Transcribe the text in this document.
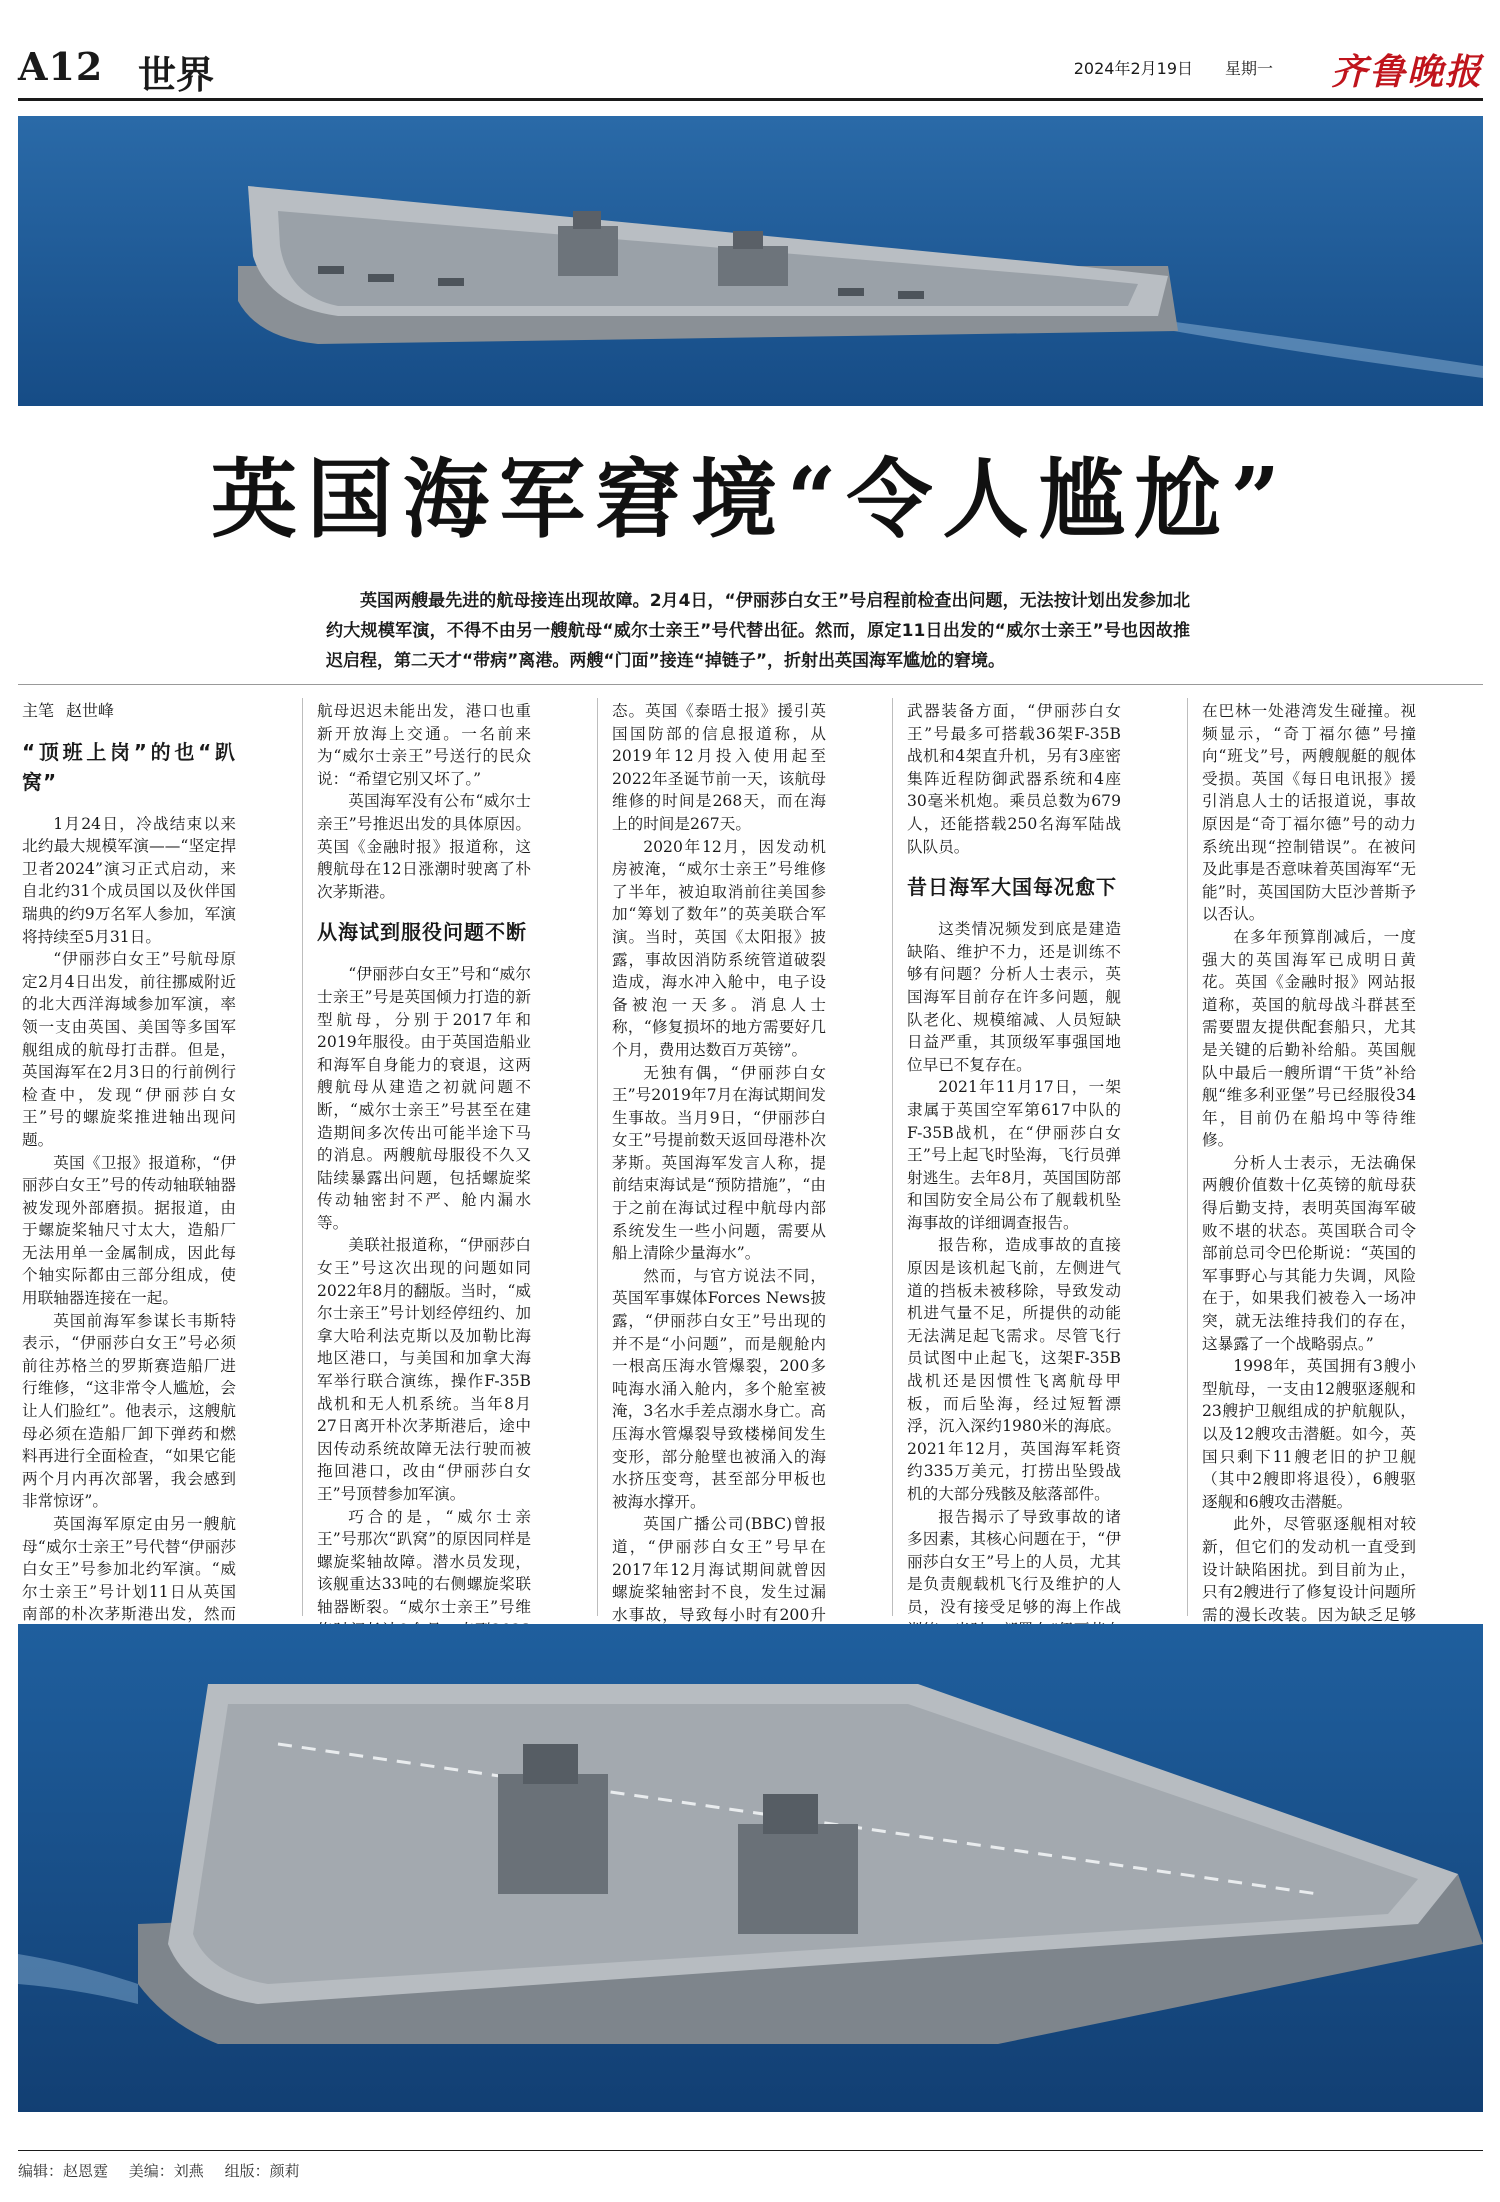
A12 世界	2024年2月19日 星期一 齐鲁晚报
英国海军窘境“令人尴尬”

英国两艘最先进的航母接连出现故障。2月4日，“伊丽莎白女王”号启程前检查出问题，无法按计划出发参加北约大规模军演，不得不由另一艘航母“威尔士亲王”号代替出征。然而，原定11日出发的“威尔士亲王”号也因故推迟启程，第二天才“带病”离港。两艘“门面”接连“掉链子”，折射出英国海军尴尬的窘境。

主笔 赵世峰
“顶班上岗”的也“趴窝”

1月24日，冷战结束以来北约最大规模军演——“坚定捍卫者2024”演习正式启动，来自北约31个成员国以及伙伴国瑞典的约9万名军人参加，军演将持续至5月31日。

“伊丽莎白女王”号航母原定2月4日出发，前往挪威附近的北大西洋海域参加军演，率领一支由英国、美国等多国军舰组成的航母打击群。但是，英国海军在2月3日的行前例行检查中，发现“伊丽莎白女王”号的螺旋桨推进轴出现问题。

英国《卫报》报道称，“伊丽莎白女王”号的传动轴联轴器被发现外部磨损。据报道，由于螺旋桨轴尺寸太大，造船厂无法用单一金属制成，因此每个轴实际都由三部分组成，使用联轴器连接在一起。

英国前海军参谋长韦斯特表示，“伊丽莎白女王”号必须前往苏格兰的罗斯赛造船厂进行维修，“这非常令人尴尬，会让人们脸红”。他表示，这艘航母必须在造船厂卸下弹药和燃料再进行全面检查，“如果它能两个月内再次部署，我会感到非常惊讶”。

英国海军原定由另一艘航母“威尔士亲王”号代替“伊丽莎白女王”号参加北约军演。“威尔士亲王”号计划11日从英国南部的朴次茅斯港出发，然而

航母迟迟未能出发，港口也重新开放海上交通。一名前来为“威尔士亲王”号送行的民众说：“希望它别又坏了。”

英国海军没有公布“威尔士亲王”号推迟出发的具体原因。英国《金融时报》报道称，这艘航母在12日涨潮时驶离了朴次茅斯港。

从海试到服役问题不断

“伊丽莎白女王”号和“威尔士亲王”号是英国倾力打造的新型航母，分别于2017年和2019年服役。由于英国造船业和海军自身能力的衰退，这两艘航母从建造之初就问题不断，“威尔士亲王”号甚至在建造期间多次传出可能半途下马的消息。两艘航母服役不久又陆续暴露出问题，包括螺旋桨传动轴密封不严、舱内漏水等。

美联社报道称，“伊丽莎白女王”号这次出现的问题如同2022年8月的翻版。当时，“威尔士亲王”号计划经停纽约、加拿大哈利法克斯以及加勒比海地区港口，与美国和加拿大海军举行联合演练，操作F-35B战机和无人机系统。当年8月27日离开朴次茅斯港后，途中因传动系统故障无法行驶而被拖回港口，改由“伊丽莎白女王”号顶替参加军演。

巧合的是，“威尔士亲王”号那次“趴窝”的原因同样是螺旋桨轴故障。潜水员发现，该舰重达33吨的右侧螺旋桨联轴器断裂。“威尔士亲王”号维

态。英国《泰晤士报》援引英国国防部的信息报道称，从2019年12月投入使用起至2022年圣诞节前一天，该航母维修的时间是268天，而在海上的时间是267天。

2020年12月，因发动机房被淹，“威尔士亲王”号维修了半年，被迫取消前往美国参加“筹划了数年”的英美联合军演。当时，英国《太阳报》披露，事故因消防系统管道破裂造成，海水冲入舱中，电子设备被泡一天多。消息人士称，“修复损坏的地方需要好几个月，费用达数百万英镑”。

无独有偶，“伊丽莎白女王”号2019年7月在海试期间发生事故。当月9日，“伊丽莎白女王”号提前数天返回母港朴次茅斯。英国海军发言人称，提前结束海试是“预防措施”，“由于之前在海试过程中航母内部系统发生一些小问题，需要从船上清除少量海水”。

然而，与官方说法不同，英国军事媒体Forces News披露，“伊丽莎白女王”号出现的并不是“小问题”，而是舰舱内一根高压海水管爆裂，200多吨海水涌入舱内，多个舱室被淹，3名水手差点溺水身亡。高压海水管爆裂导致楼梯间发生变形，部分舱壁也被涌入的海水挤压变弯，甚至部分甲板也被海水撑开。

英国广播公司(BBC)曾报道，“伊丽莎白女王”号早在2017年12月海试期间就曾因螺旋桨轴密封不良，发生过漏水事故，导致每小时有200升

武器装备方面，“伊丽莎白女王”号最多可搭载36架F-35B战机和4架直升机，另有3座密集阵近程防御武器系统和4座30毫米机炮。乘员总数为679人，还能搭载250名海军陆战队队员。

昔日海军大国每况愈下

这类情况频发到底是建造缺陷、维护不力，还是训练不够有问题？分析人士表示，英国海军目前存在许多问题，舰队老化、规模缩减、人员短缺日益严重，其顶级军事强国地位早已不复存在。

2021年11月17日，一架隶属于英国空军第617中队的F-35B战机，在“伊丽莎白女王”号上起飞时坠海，飞行员弹射逃生。去年8月，英国国防部和国防安全局公布了舰载机坠海事故的详细调查报告。

报告称，造成事故的直接原因是该机起飞前，左侧进气道的挡板未被移除，导致发动机进气量不足，所提供的动能无法满足起飞需求。尽管飞行员试图中止起飞，这架F-35B战机还是因惯性飞离航母甲板，而后坠海，经过短暂漂浮，沉入深约1980米的海底。2021年12月，英国海军耗资约335万美元，打捞出坠毁战机的大部分残骸及舷落部件。

报告揭示了导致事故的诸多因素，其核心问题在于，“伊丽莎白女王”号上的人员，尤其是负责舰载机飞行及维护的人员，没有接受足够的海上作战

在巴林一处港湾发生碰撞。视频显示，“奇丁福尔德”号撞向“班戈”号，两艘舰艇的舰体受损。英国《每日电讯报》援引消息人士的话报道说，事故原因是“奇丁福尔德”号的动力系统出现“控制错误”。在被问及此事是否意味着英国海军“无能”时，英国国防大臣沙普斯予以否认。

在多年预算削减后，一度强大的英国海军已成明日黄花。英国《金融时报》网站报道称，英国的航母战斗群甚至需要盟友提供配套船只，尤其是关键的后勤补给船。英国舰队中最后一艘所谓“干货”补给舰“维多利亚堡”号已经服役34年，目前仍在船坞中等待维修。

分析人士表示，无法确保两艘价值数十亿英镑的航母获得后勤支持，表明英国海军破败不堪的状态。英国联合司令部前总司令巴伦斯说：“英国的军事野心与其能力失调，风险在于，如果我们被卷入一场冲突，就无法维持我们的存在，这暴露了一个战略弱点。”

1998年，英国拥有3艘小型航母，一支由12艘驱逐舰和23艘护卫舰组成的护航舰队，以及12艘攻击潜艇。如今，英国只剩下11艘老旧的护卫舰（其中2艘即将退役），6艘驱逐舰和6艘攻击潜艇。

此外，尽管驱逐舰相对较新，但它们的发动机一直受到设计缺陷困扰。到目前为止，只有2艘进行了修复设计问题所需的漫长改装。因为缺乏足够

编辑：赵恩霆 美编：刘燕 组版：颜莉
